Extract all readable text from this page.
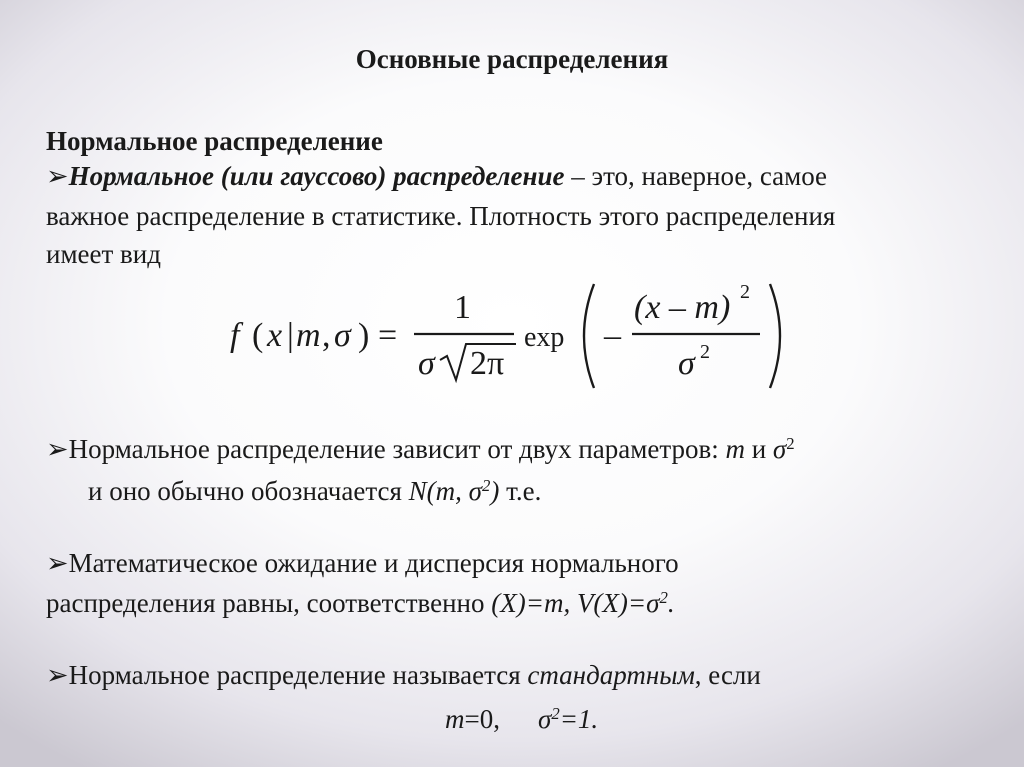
Основные распределения
Нормальное распределение
➢Нормальное (или гауссово) распределение – это, наверное, самое
важное распределение в статистике. Плотность этого распределения
имеет вид
f ( x | m , σ ) =
1
σ 2π
exp –
(x – m) 2
σ 2
➢Нормальное распределение зависит от двух параметров: m и $\sigma^2$
и оно обычно обозначается N(m, $\sigma^2$) т.е.
➢Математическое ожидание и дисперсия нормального
распределения равны, соответственно (X)=m, $V(X)=\sigma^2$.
➢Нормальное распределение называется стандартным, если
m=0, $\sigma^2=1$.
